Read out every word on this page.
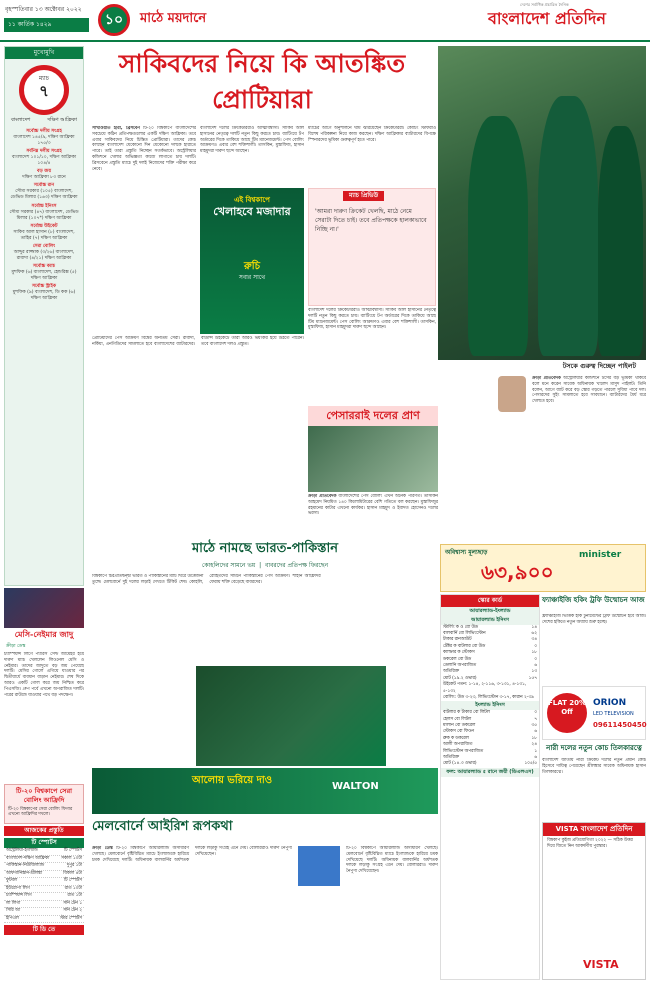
বৃহস্পতিবার ১৩ অক্টোবর ২০২২
১১ কার্তিক ১৪২৯	১০	মাঠে ময়দানে
দেশের সর্বাধিক প্রচারিত দৈনিক
বাংলাদেশ প্রতিদিন
মুখোমুখি
ম্যাচ
৭
বাংলাদেশ	দক্ষিণ আফ্রিকা
সর্বোচ্চ দলীয় সংগ্রহ
বাংলাদেশ ১৪৫/৯, দক্ষিণ আফ্রিকা ১৭৫/৩
সর্বনিম্ন দলীয় সংগ্রহ
বাংলাদেশ ১০১/১০, দক্ষিণ আফ্রিকা ১০৪/৪
বড় জয়
দক্ষিণ আফ্রিকা ৮৩ রানে
সর্বোচ্চ রান
সৌম্য সরকার (১০৫) বাংলাদেশ, ডেভিড মিলার (১৬৩) দক্ষিণ আফ্রিকা
সর্বোচ্চ ইনিংস
সৌম্য সরকার (৪৭) বাংলাদেশ, ডেভিড মিলার (১০৭*) দক্ষিণ আফ্রিকা
সর্বোচ্চ উইকেট
সাকিব আল হাসান (৮) বাংলাদেশ, তাহির (৭) দক্ষিণ আফ্রিকা
সেরা বোলিং
আব্দুর রাজ্জাক (৩/২৬) বাংলাদেশ, রাবাদা (৪/২১) দক্ষিণ আফ্রিকা
সর্বোচ্চ ক্যাচ
মুশফিক (৬) বাংলাদেশ, হেন্ডরিক্স (৫) দক্ষিণ আফ্রিকা
সর্বোচ্চ স্ট্রাইক
মুশফিক (৯) বাংলাদেশ, ডি কক (৬) দক্ষিণ আফ্রিকা
মেসি-নেইমার জাদু
ক্রীড়া ডেস্ক
চ্যাম্পিয়ন্স লিগে প্যারিস সেন্ট জার্মেইর হয়ে দারুণ ম্যাচ খেললেন লিওনেল মেসি ও নেইমার। তাদের জাদুতে বড় জয় পেয়েছে দলটি। মেসির গোলে এগিয়ে যাওয়ার পর দ্বিতীয়ার্ধে ব্যবধান বাড়ান নেইমার। শেষ দিকে আরও একটি গোল করে জয় নিশ্চিত করে পিএসজি। গ্রুপ পর্বে এখনো অপরাজিত দলটি। পরের রাউন্ডে যাওয়ার পথে বড় পদক্ষেপ।
টি-২০ বিশ্বকাপে সেরা বোলিং আফ্রিদি
টি-২০ বিশ্বকাপের সেরা বোলিং ফিগার এখনো আফ্রিদির দখলে।
আজকের প্রস্তুতি
টি স্পোর্টস
অস্ট্রেলিয়া-ইংল্যান্ড	টি স্পোর্টস
বাংলাদেশ-দক্ষিণ আফ্রিকা	সকাল ১০টা
পাকিস্তান-নিউজিল্যান্ড	দুপুর ১টা
আফগানিস্তান-শ্রীলঙ্কা	বিকাল ৪টা
ফুটবল	টি স্পোর্টস
ইউরোপা লিগ	রাত ১০টা
চ্যাম্পিয়ন্স লিগ	রাত ১টা
লা লিগা	সনি টেন ১
সিরি আ	সনি টেন ২
ইপিএল	স্টার স্পোর্টস
টি ডি তে
সাকিবদের নিয়ে কি আতঙ্কিত প্রোটিয়ারা
সাখাওয়াত হীরা, ব্রিসবেন টি-২০ বিশ্বকাপে বাংলাদেশের সবচেয়ে কঠিন প্রতিপক্ষগুলোর একটি দক্ষিণ আফ্রিকা। তবে এবার সাকিবদের নিয়ে চিন্তিত প্রোটিয়ারা। তাদের কোচ বলছেন বাংলাদেশ যেকোনো দিন যেকোনো দলকে হারাতে পারে। তাই তারা প্রস্তুতি নিচ্ছেন সতর্কভাবে। অস্ট্রেলিয়ার কন্ডিশনে খেলার অভিজ্ঞতা কাজে লাগাতে চায় দলটি। ব্রিসবেনে প্রস্তুতি ম্যাচে দুই দলই নিজেদের শক্তি পরীক্ষা করে নেবে।
বাংলাদেশ দলের ক্রিকেটাররাও আত্মবিশ্বাসী। সাকিব আল হাসানের নেতৃত্বে দলটি নতুন কিছু করতে চায়। ব্যাটিংয়ে টপ অর্ডারের দিকে তাকিয়ে আছে টিম ম্যানেজমেন্ট। পেস বোলিং আক্রমণও এবার বেশ শক্তিশালী। তাসকিন, মুস্তাফিজ, হাসান মাহমুদরা দারুণ ছন্দে আছেন।
ম্যাচের আগে অনুশীলনে ঘাম ঝরিয়েছেন ক্রিকেটাররা। কোচিং স্টাফরাও বিশেষ পরিকল্পনা নিয়ে কাজ করছেন। দক্ষিণ আফ্রিকার ব্যাটারদের বিপক্ষে স্পিনারদের ভূমিকা গুরুত্বপূর্ণ হতে পারে।
এই বিশ্বকাপে
খেলাহবে মজাদার
রুচি
সবার সাথে
ম্যাচ প্রিভিউ
'আমরা দারুণ ক্রিকেট খেলছি, মাঠে নেমে সেরাটা দিতে চাই। তবে প্রতিপক্ষকে হালকাভাবে নিচ্ছি না।'
প্রোটিয়াদের পেস আক্রমণ বিশ্বের অন্যতম সেরা। রাবাদা, নর্কিয়া, এনগিডিদের সামলাতে হবে বাংলাদেশের ব্যাটারদের। বাউন্সি উইকেটে তারা আরও ভয়ংকর হয়ে উঠতে পারেন। তবে বাংলাদেশ দলও প্রস্তুত।
বাংলাদেশ দলের ক্রিকেটাররাও আত্মবিশ্বাসী। সাকিব আল হাসানের নেতৃত্বে দলটি নতুন কিছু করতে চায়। ব্যাটিংয়ে টপ অর্ডারের দিকে তাকিয়ে আছে টিম ম্যানেজমেন্ট। পেস বোলিং আক্রমণও এবার বেশ শক্তিশালী। তাসকিন, মুস্তাফিজ, হাসান মাহমুদরা দারুণ ছন্দে আছেন।
টসকে গুরুত্ব দিচ্ছেন পাইলট
ক্রীড়া প্রতিবেদক অস্ট্রেলিয়ার কন্ডিশনে টসের বড় ভূমিকা থাকবে বলে মনে করেন সাবেক অধিনায়ক খালেদ মাসুদ পাইলট। তিনি বলেন, আগে ব্যাট করে বড় স্কোর গড়তে পারলে সুবিধা পাবে দল। পেসারদের সুইং সামলাতে হবে সাবধানে। ব্যাটারদের ধৈর্য ধরে খেলতে হবে।
পেসাররাই দলের প্রাণ
ক্রীড়া প্রতিবেদক বাংলাদেশের পেস বোলিং এখন অনেক পরিণত। তাসকিন আহমেদ নিয়মিত ১৪০ কিলোমিটারের বেশি গতিতে বল করছেন। মুস্তাফিজুর রহমানের কাটার এখনো কার্যকর। হাসান মাহমুদ ও ইবাদত হোসেনও দলের ভরসা।
মাঠে নামছে ভারত-পাকিস্তান
কোহলিদের সামনে ভয়  |  বাবরদের প্রতিপক্ষ ফিরছেন
বিশ্বকাপে চিরপ্রতিদ্বন্দ্বী ভারত ও পাকিস্তানের ম্যাচ ঘিরে উত্তেজনা তুঙ্গে। মেলবোর্নে দুই দলের লড়াই দেখতে টিকিট শেষ। কোহলি, রোহিতদের সামনে পাকিস্তানের পেস আক্রমণ। শাহীন আফ্রিদির ফেরায় শক্তি বেড়েছে বাবরদের।
আলোয় ভরিয়ে দাও
WALTON
মেলবোর্নে আইরিশ রূপকথা
ক্রীড়া ডেস্ক টি-২০ বিশ্বকাপে আয়ারল্যান্ড অসাধারণ খেলছে। মেলবোর্নে বৃষ্টিবিঘ্নিত ম্যাচে ইংল্যান্ডকে হারিয়ে চমক দেখিয়েছে দলটি। অধিনায়ক বালবার্নির অর্ধশতক দলকে লড়াকু সংগ্রহ এনে দেয়। বোলাররাও দারুণ নৈপুণ্য দেখিয়েছেন।
টি-২০ বিশ্বকাপে আয়ারল্যান্ড অসাধারণ খেলছে। মেলবোর্নে বৃষ্টিবিঘ্নিত ম্যাচে ইংল্যান্ডকে হারিয়ে চমক দেখিয়েছে দলটি। অধিনায়ক বালবার্নির অর্ধশতক দলকে লড়াকু সংগ্রহ এনে দেয়। বোলাররাও দারুণ নৈপুণ্য দেখিয়েছেন।
স্কোর কার্ড
আয়ারল্যান্ড-ইংল্যান্ড
আয়ারল্যান্ড ইনিংস
স্টার্লিং ক ও বো উড	১৪
বালবার্নি বো লিভিংস্টোন	৬২
টাকার রানআউট	৩৪
টেক্টর ক বাটলার বো উড	০
ক্যাম্ফার ক স্টোকস	১৮
ডকরেল বো উড	০
ডেলানি অপরাজিত	৬
অতিরিক্ত	১৩
মোট (১৯.২ ওভার)	১৫৭
উইকেট পতন: ১-১৪, ২-১১৬, ৩-১৩১, ৪-১৩১, ৫-১৩২
বোলিং: উড ৩-২৩, লিভিংস্টোন ৩-১৭, কারান ২-৩৯
ইংল্যান্ড ইনিংস
বাটলার ক টাকার বো লিটল	০
হেলস বো লিটল	৭
মালান বো ডকরেল	৩৫
স্টোকস বো ফিওন	৬
ব্রুক ক ডকরেল	১৮
আলী অপরাজিত	২৪
লিভিংস্টোন অপরাজিত	১
অতিরিক্ত	৬
মোট (১৪.৩ ওভার)	১০৫/৫
ফল: আয়ারল্যান্ড ৫ রানে জয়ী (ডিএলএস)
অবিশ্বাস্য মূল্যছাড়
৬৩,৯০০
minister
ফ্যাঞ্চাইজি হকিং ট্রফি উন্মোচন আজ
ফ্র্যাঞ্চাইজি ভিত্তিক হকি টুর্নামেন্টের ট্রফি উন্মোচন হবে আজ। দেশের হকিতে নতুন অধ্যায় শুরু হচ্ছে।
FLAT 20% Off
ORION
LED TELEVISION
09611450450
নারী দলের নতুন কোচ তিলকারত্নে
বাংলাদেশ জাতীয় নারী ক্রিকেট দলের নতুন প্রধান কোচ হিসেবে দায়িত্ব পেয়েছেন শ্রীলঙ্কার সাবেক অধিনায়ক হাসান তিলকারত্নে।
VISTA বাংলাদেশ প্রতিদিন
বিশ্বকাপ কুইজ প্রতিযোগিতা ২০২২ — সঠিক উত্তর দিয়ে জিতে নিন আকর্ষণীয় পুরস্কার।
VISTA
